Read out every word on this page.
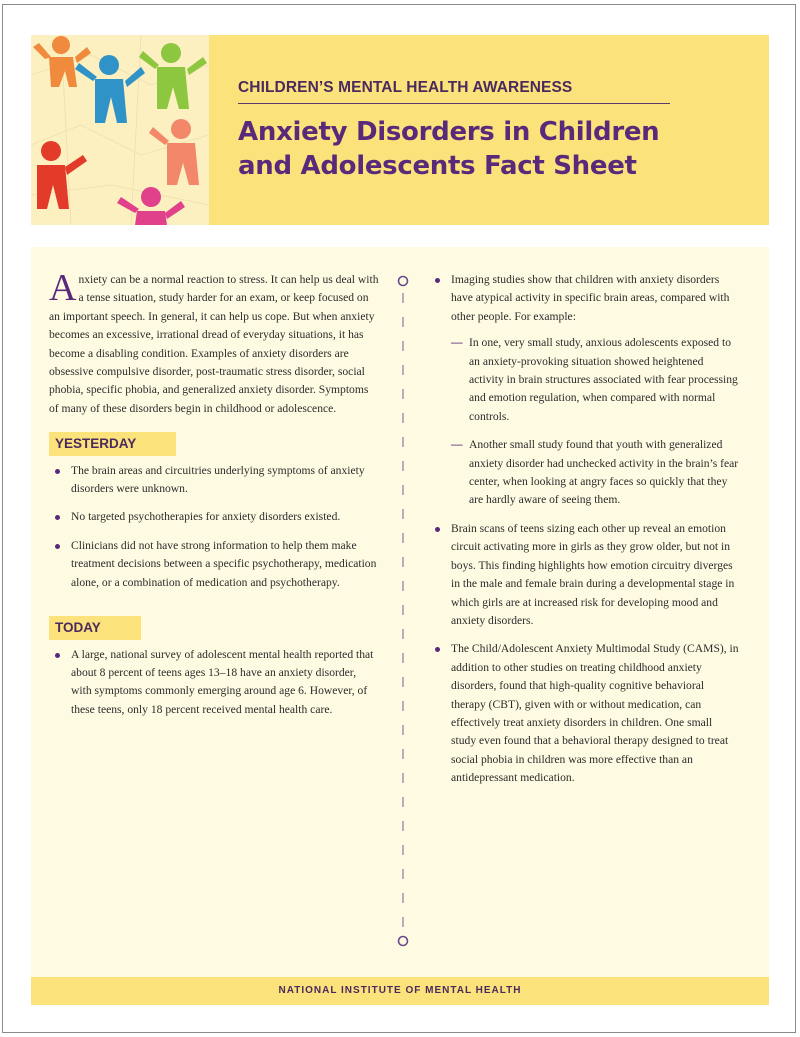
CHILDREN’S MENTAL HEALTH AWARENESS
Anxiety Disorders in Children
and Adolescents Fact Sheet

Anxiety can be a normal reaction to stress. It can help us deal with a tense situation, study harder for an exam, or keep focused on an important speech. In general, it can help us cope. But when anxiety becomes an excessive, irrational dread of everyday situations, it has become a disabling condition. Examples of anxiety disorders are obsessive compulsive disorder, post-traumatic stress disorder, social phobia, specific phobia, and generalized anxiety disorder. Symptoms of many of these disorders begin in childhood or adolescence.

YESTERDAY
The brain areas and circuitries underlying symptoms of anxiety disorders were unknown.
No targeted psychotherapies for anxiety disorders existed.
Clinicians did not have strong information to help them make treatment decisions between a specific psychotherapy, medication alone, or a combination of medication and psychotherapy.
TODAY
A large, national survey of adolescent mental health reported that about 8 percent of teens ages 13–18 have an anxiety disorder, with symptoms commonly emerging around age 6. However, of these teens, only 18 percent received mental health care.
Imaging studies show that children with anxiety disorders have atypical activity in specific brain areas, compared with other people. For example:
— In one, very small study, anxious adolescents exposed to an anxiety-provoking situation showed heightened activity in brain structures associated with fear processing and emotion regulation, when compared with normal controls.
— Another small study found that youth with generalized anxiety disorder had unchecked activity in the brain’s fear center, when looking at angry faces so quickly that they are hardly aware of seeing them.
Brain scans of teens sizing each other up reveal an emotion circuit activating more in girls as they grow older, but not in boys. This finding highlights how emotion circuitry diverges in the male and female brain during a developmental stage in which girls are at increased risk for developing mood and anxiety disorders.
The Child/Adolescent Anxiety Multimodal Study (CAMS), in addition to other studies on treating childhood anxiety disorders, found that high-quality cognitive behavioral therapy (CBT), given with or without medication, can effectively treat anxiety disorders in children. One small study even found that a behavioral therapy designed to treat social phobia in children was more effective than an antidepressant medication.
NATIONAL INSTITUTE OF MENTAL HEALTH
